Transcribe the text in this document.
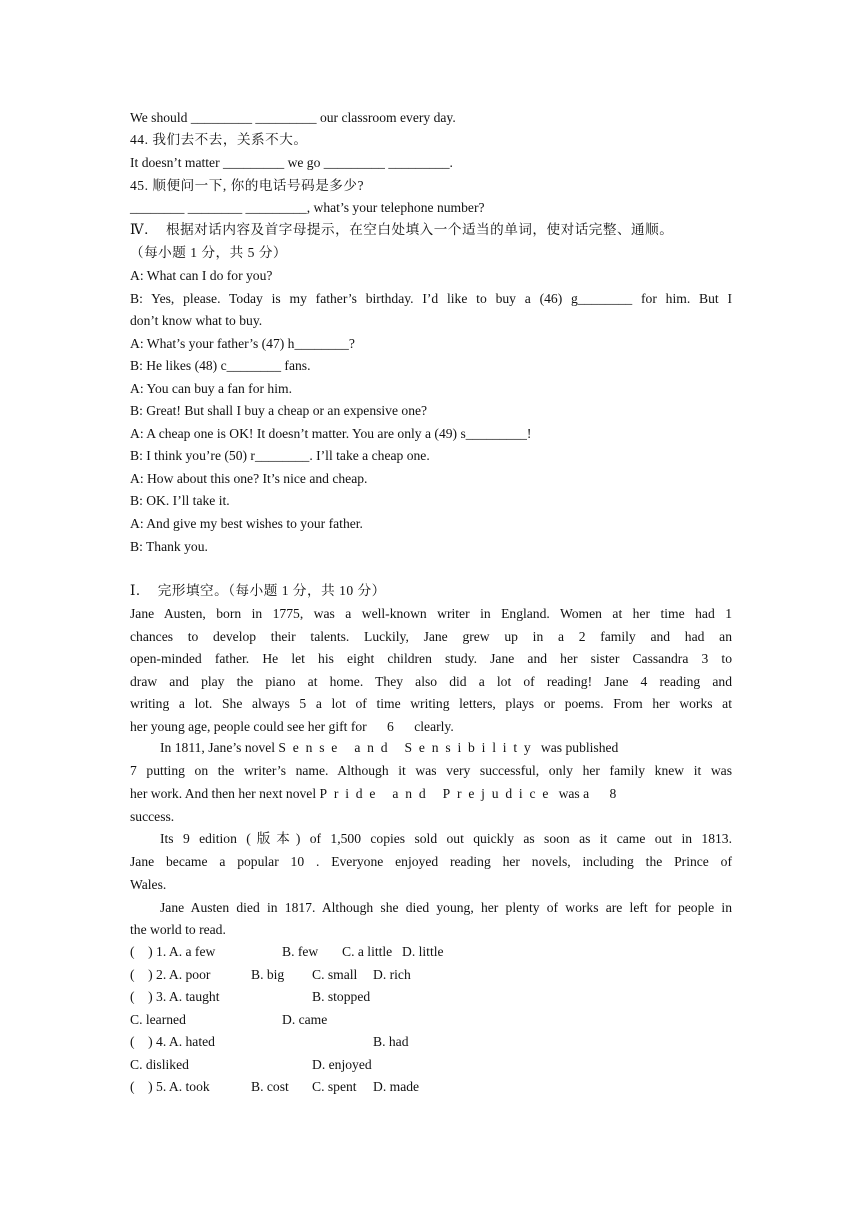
We should _________ _________ our classroom every day.
44. 我们去不去，关系不大。
It doesn’t matter _________ we go _________ _________.
45. 顺便问一下, 你的电话号码是多少?
________ ________ _________, what’s your telephone number?
Ⅳ．  根据对话内容及首字母提示，在空白处填入一个适当的单词，使对话完整、通顺。
（每小题 1 分，共 5 分）
A: What can I do for you?
B: Yes, please. Today is my father’s birthday. I’d like to buy a (46) g________ for him. But I
don’t know what to buy.
A: What’s your father’s (47) h________?
B: He likes (48) c________ fans.
A: You can buy a fan for him.
B: Great! But shall I buy a cheap or an expensive one?
A: A cheap one is OK! It doesn’t matter. You are only a (49) s_________!
B: I think you’re (50) r________. I’ll take a cheap one.
A: How about this one? It’s nice and cheap.
B: OK. I’ll take it.
A: And give my best wishes to your father.
B: Thank you.
Ⅰ．  完形填空。（每小题 1 分，共 10 分）
Jane Austen, born in 1775, was a well-known writer in England. Women at her time had 1
chances to develop their talents. Luckily, Jane grew up in a 2 family and had an
open-minded father. He let his eight children study. Jane and her sister Cassandra 3 to
draw and play the piano at home. They also did a lot of reading! Jane 4 reading and
writing a lot. She always 5 a lot of time writing letters, plays or poems. From her works at
her young age, people could see her gift for      6      clearly.
In 1811, Jane’s novel Sense and Sensibility was published
7 putting on the writer’s name. Although it was very successful, only her family knew it was
her work. And then her next novel Pride and Prejudice was a      8
success.
Its 9 edition (版本) of 1,500 copies sold out quickly as soon as it came out in 1813.
Jane became a popular 10 . Everyone enjoyed reading her novels, including the Prince of
Wales.
Jane Austen died in 1817. Although she died young, her plenty of works are left for people in
the world to read.
(    ) 1. A. a few	B. few C. a little D. little
(    ) 2. A. poor	B. big C. small D. rich
(    ) 3. A. taught	B. stopped
C. learned	D. came
(    ) 4. A. hated	B. had
C. disliked	D. enjoyed
(    ) 5. A. took	B. cost C. spent D. made
